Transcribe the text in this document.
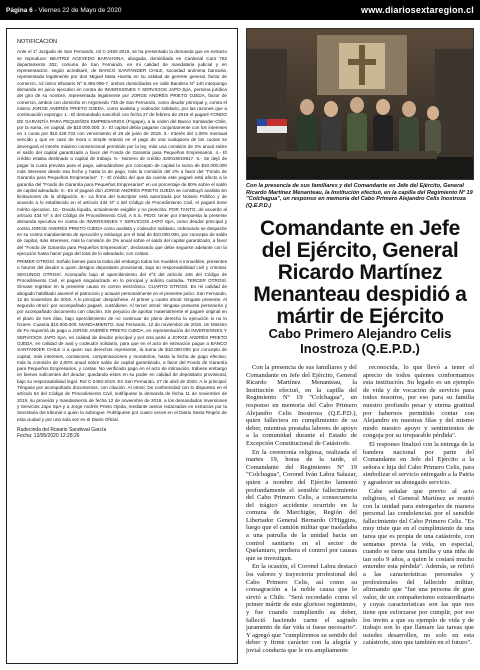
Página 6 - Viernes 22 de Mayo de 2020	www.diariosextaregion.cl
NOTIFICACIÓN

Ante el 1º Juzgado de San Fernando, rol C-2492-2019, se ha presentado la demanda que en extracto se reproduce: BEATRIZ ACEVEDO BARAHONA, abogada, domiciliada en Cardenal Caro 752 departamento 302, comuna de San Fernando, en mi calidad de mandataria judicial y en representación, según acreditaré, de BANCO SANTANDER CHILE, sociedad anónima bancaria, representada legalmente por don Miguel Mata Huerta en su calidad de gerente general, factor de comercio, rol único tributario Nº 9.496.096-7, ambos domiciliados en calle Bandera Nº 140 interpongo demanda en juicio ejecutivo en contra de INVERSIONES Y SERVICIOS JAPO SpA, persona jurídica del giro de su nombre, representada legalmente por JORGE ANDRÉS PRIETO OJEDA, factor de comercio, ambos con domicilio en Argomedo 735 de San Fernando, como deudor principal y, contra el mismo JORGE ANDRÉS PRIETO OJEDA, como avalista y codeudor solidario, por las razones que a continuación expongo: 1.- El demandado suscribió con fecha 27 de febrero de 2019 el pagaré FONDO DE GARANTÍA PARA PEQUEÑOS EMPRESARIOS (Fogape), a la orden del Banco Santander-Chile, por la suma, en capital, de $10.000.000. 2.- El capital debía pagarse conjuntamente con los intereses en 1 cuota por $10.428.733 con vencimiento el 26 de junio de 2019. 3.- Interés del 1,09% mensual vencido y que en caso de mora o simple retardo en el pago de una cualquiera de las cuotas se devengará el interés máximo convencional permitido por la ley, más una comisión de 2% anual sobre el saldo del capital garantizado a favor del Fondo de Garantía para Pequeños Empresarios. 4.- El crédito estaba destinado a capital de trabajo. 5.- Número de crédito 420019019917. 6.- Se dejó de pagar la cuota prevista para el pago, adeudándose por concepto de capital la suma de $10.000.000 más intereses desde esa fecha y hasta la de pago, más la comisión del 2% a favor del "Fondo de Garantía para Pequeños Empresarios". 7.- El crédito del que da cuenta este pagaré está afecto a la garantía del "Fondo de Garantía para Pequeños Empresarios" en un porcentaje de 80% sobre el saldo de capital adeudado. 8.- En el pagaré don JORGE ANDRÉS PRIETO OJEDA se constituyó avalista sin limitaciones de la obligación. 9.- La firma del suscriptor está autorizada por Notario Público y de acuerdo a lo establecido en el artículo 434 Nº 4 del Código de Procedimiento Civil, el pagaré tiene mérito ejecutivo. 10.- Deuda líquida, actualmente exigible y no prescrita. POR TANTO, de acuerdo al artículo 434 Nº 4 del Código de Procedimiento Civil, A S.S. PIDO: tener por interpuesta la presente demanda ejecutiva en contra de INVERSIONES Y SERVICIOS JAPO SpA, como deudor principal y contra JORGE ANDRÉS PRIETO OJEDA como avalista y codeudor solidario, ordenando se despache en su contra mandamiento de ejecución y embargo por el total de $10.000.000, por concepto de saldo de capital, más intereses, más la comisión de 2% anual sobre el saldo del capital garantizado, a favor del "Fondo de Garantía para Pequeños Empresarios", declarando que debe seguirse adelante con la ejecución hasta hacer pago del total de lo adeudado, con costas.

PRIMER OTROSÍ. Señalo bienes para la traba del embargo todos los muebles e inmuebles, presentes o futuros del deudor a quien designo depositario provisional, bajo su responsabilidad civil y criminal. SEGUNDO OTROSÍ. Acompaño bajo el apercibimiento del nº3 del artículo 346 del Código de Procedimiento Civil, el pagaré singularizado en lo principal y solicito custodia. TERCER OTROSÍ. Sírvase registrar en la presente causa mi correo electrónico. CUARTO OTROSÍ. En mi calidad de abogado habilitado asumiré el patrocinio y actuaré personalmente en el presente juicio. San Fernando, 12 de noviembre de 2019. A lo principal: despáchese. Al primer y cuarto otrosí: téngase presente. Al segundo otrosí: por acompañado pagaré, custódiese. Al tercer otrosí: téngase presente personería y por acompañado documento con citación. Sin perjuicio de aportar materialmente el pagaré original en el plazo de tres días, bajo apercibimiento de no continuar de pleno derecho la ejecución si no lo hiciere. Cuantía $10.000.000. MANDAMIENTO. San Fernando, 12 de noviembre de 2019. Un Ministro de Fe requerirá de pago a JORGE ANDRÉS PRIETO OJEDA, en representación de INVERSIONES Y SERVICIOS JAPO SpA, en calidad de deudor principal y por otra parte a JORGE ANDRÉS PRIETO OJEDA, en calidad de aval y codeudor solidario, para que en el acto de intimación pague a BANCO SANTANDER CHILE o a quien sus derechos represente, la suma de $10.000.000 por concepto de capital, más intereses, comisiones, compensaciones y moratorios, hasta la fecha de pago efectivo, más la comisión de 2,00% anual sobre saldo de capital garantizado, a favor del Fondo de Garantía para Pequeños Empresarios, y costas. No verificado pago en el acto de intimación, trábese embargo en bienes suficientes del deudor, quedando estos en su poder en calidad de depositario provisional, bajo su responsabilidad legal. Rol C-2492-2019. En San Fernando, 27 de abril de 2020. A lo principal: Téngase por acompañado documentos, con citación. Al otrosí: De conformidad con lo dispuesto en el artículo 54 del Código de Procedimiento Civil, notifíquese la demanda de fecha 11 de noviembre de 2019, su proveído y mandamiento de fecha 12 de noviembre de 2019, a los demandados Inversiones y Servicios Japo SpA y a Jorge Andrés Prieto Ojeda, mediante avisos redactados en extractos por la Secretaria del tribunal o quien la subrogue. Publíquese por cuatro veces en el Diario Sexta Región de esta ciudad y por una sola vez en el Diario Oficial.

Rudecinda del Rosario Sandoval García
Fecha: 12/05/2020 12:28:26
Con la presencia de sus familiares y del Comandante en Jefe del Ejército, General Ricardo Martínez Menanteau, la Institución efectuó, en la capilla del Regimiento Nº 19 "Colchagua", un responso en memoria del Cabo Primero Alejandro Celis Inostroza (Q.E.P.D.)
Comandante en Jefe del Ejército, General Ricardo Martínez Menanteau despidió a mártir de Ejército
Cabo Primero Alejandro Celis Inostroza (Q.E.P.D.)

Con la presencia de sus familiares y del Comandante en Jefe del Ejército, General Ricardo Martínez Menanteau, la Institución efectuó, en la capilla del Regimiento Nº 19 "Colchagua", un responso en memoria del Cabo Primero Alejandro Celis Inostroza (Q.E.P.D.), quien falleciera en cumplimiento de su deber, mientras prestaba labores de apoyo a la comunidad durante el Estado de Excepción Constitucional de Catástrofe.

En la ceremonia religiosa, realizada el martes 19, horas de la tarde, el Comandante del Regimiento Nº 19 "Colchagua", Coronel Iván Labra Salazar, quien a nombre del Ejército lamentó profundamente el sensible fallecimiento del Cabo Primero Celis, a consecuencia del trágico accidente ocurrido en la comuna de Marchigüe, Región del Libertador General Bernardo O'Higgins, luego que el camión militar que trasladaba a una patrulla de la unidad hacia un control sanitario en el sector de Quelantaro, perdiera el control por causas que se investigan.

En la ocasión, el Coronel Labra destacó los valores y trayectoria profesional del Cabo Primero Celis, así como su consagración a la noble causa que lo sirvió a Chile. "Será recordado como el primer mártir de este glorioso regimiento, y fue cuando cumpliendo su deber, falleció haciendo carne el sagrado juramento de dar vida si fuese necesario". Y agregó que "cumpliremos su sentido del deber y firme carácter con la alegría y jovial conducta que le era ampliamente

reconocida, lo que llevó a tener el aprecio de todos quienes conformamos esta institución. Su legado es un ejemplo de vida y de vocación de servicio para todos nosotros, por eso para su familia nuestro profundo pesar y eterna gratitud por habernos permitido contar con Alejandro en nuestras filas y del mismo modo nuestro apoyo y sentimientos de congoja por su irreparable pérdida".

El responso finalizó con la entrega de la bandera nacional por parte del Comandante en Jefe del Ejército a la señora e hija del Cabo Primero Celis, para simbolizar el servicio entregado a la Patria y agradecer su abnegado servicio.

Cabe señalar que previo al acto religioso, el General Martínez se reunió con la unidad para entregarles de manera personal las condolencias por el sensible fallecimiento del Cabo Primero Celis. "Es muy triste que en el cumplimiento de una tarea que es propia de una catástrofe, con semanas previa la vida, en especial, cuando se tiene una familia y una niña de tan solo 9 años, a quien le costará mucho entender esta pérdida". Además, se refirió a las características personales y profesionales del fallecido militar, afirmando que "fue una persona de gran valor, de un compañerismo extraordinario y cuyas características son las que nos tiene que esforzarse por cumplir, por eso los invito a que su ejemplo de vida y de trabajo son lo que llamare las tareas que ustedes desarrollen, no solo en esta catástrofe, sino que también en el futuro".
